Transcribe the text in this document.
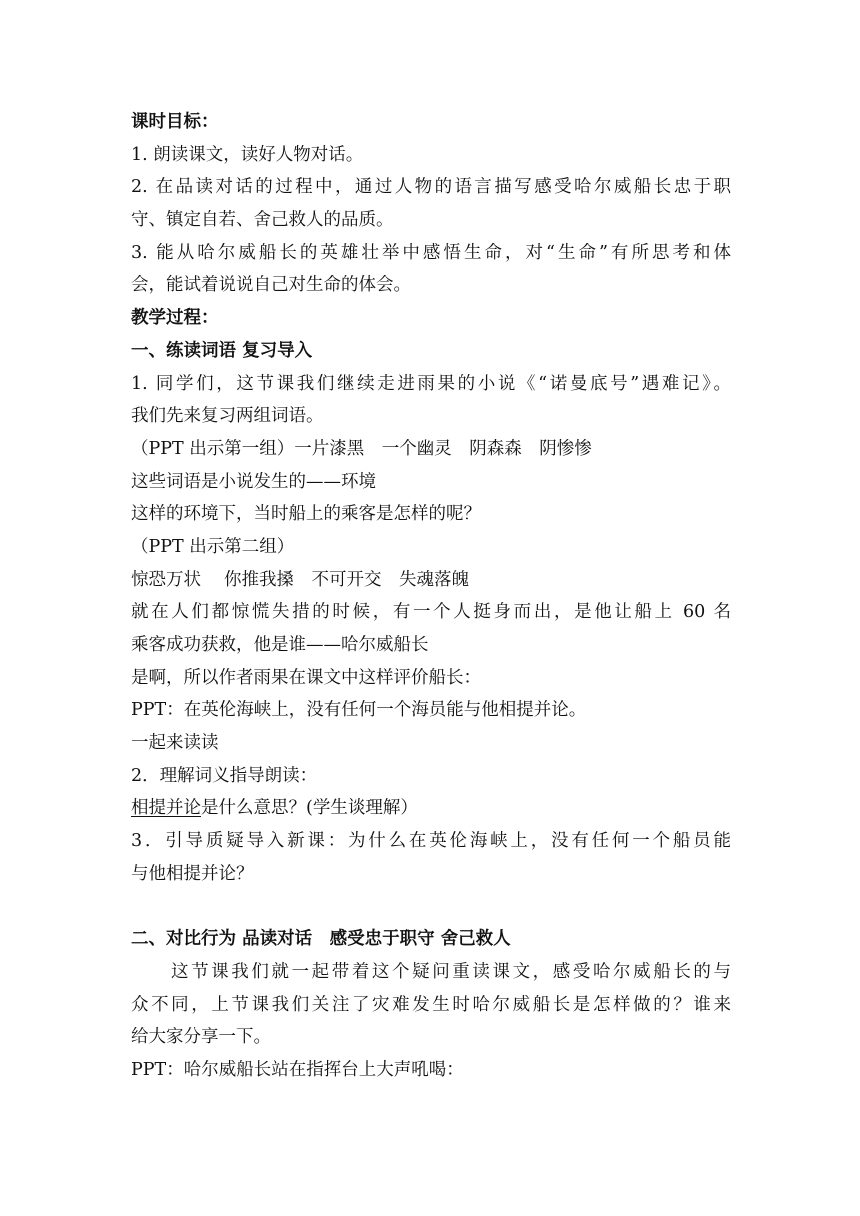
课时目标：
1. 朗读课文，读好人物对话。
2. 在品读对话的过程中，通过人物的语言描写感受哈尔威船长忠于职
守、镇定自若、舍己救人的品质。
3. 能从哈尔威船长的英雄壮举中感悟生命，对“生命”有所思考和体
会，能试着说说自己对生命的体会。
教学过程：
一、练读词语 复习导入
1. 同学们，这节课我们继续走进雨果的小说《“诺曼底号”遇难记》。
我们先来复习两组词语。
（PPT 出示第一组）一片漆黑　一个幽灵　阴森森　阴惨惨
这些词语是小说发生的——环境
这样的环境下，当时船上的乘客是怎样的呢？
（PPT 出示第二组）
惊恐万状　 你推我搡　不可开交　失魂落魄
就在人们都惊慌失措的时候，有一个人挺身而出，是他让船上 60 名
乘客成功获救，他是谁——哈尔威船长
是啊，所以作者雨果在课文中这样评价船长：
PPT：在英伦海峡上，没有任何一个海员能与他相提并论。
一起来读读
2．理解词义指导朗读：
相提并论是什么意思？(学生谈理解）
3．引导质疑导入新课：为什么在英伦海峡上，没有任何一个船员能
与他相提并论？
二、对比行为 品读对话　感受忠于职守 舍己救人
这节课我们就一起带着这个疑问重读课文，感受哈尔威船长的与
众不同，上节课我们关注了灾难发生时哈尔威船长是怎样做的？谁来
给大家分享一下。
PPT：哈尔威船长站在指挥台上大声吼喝：
